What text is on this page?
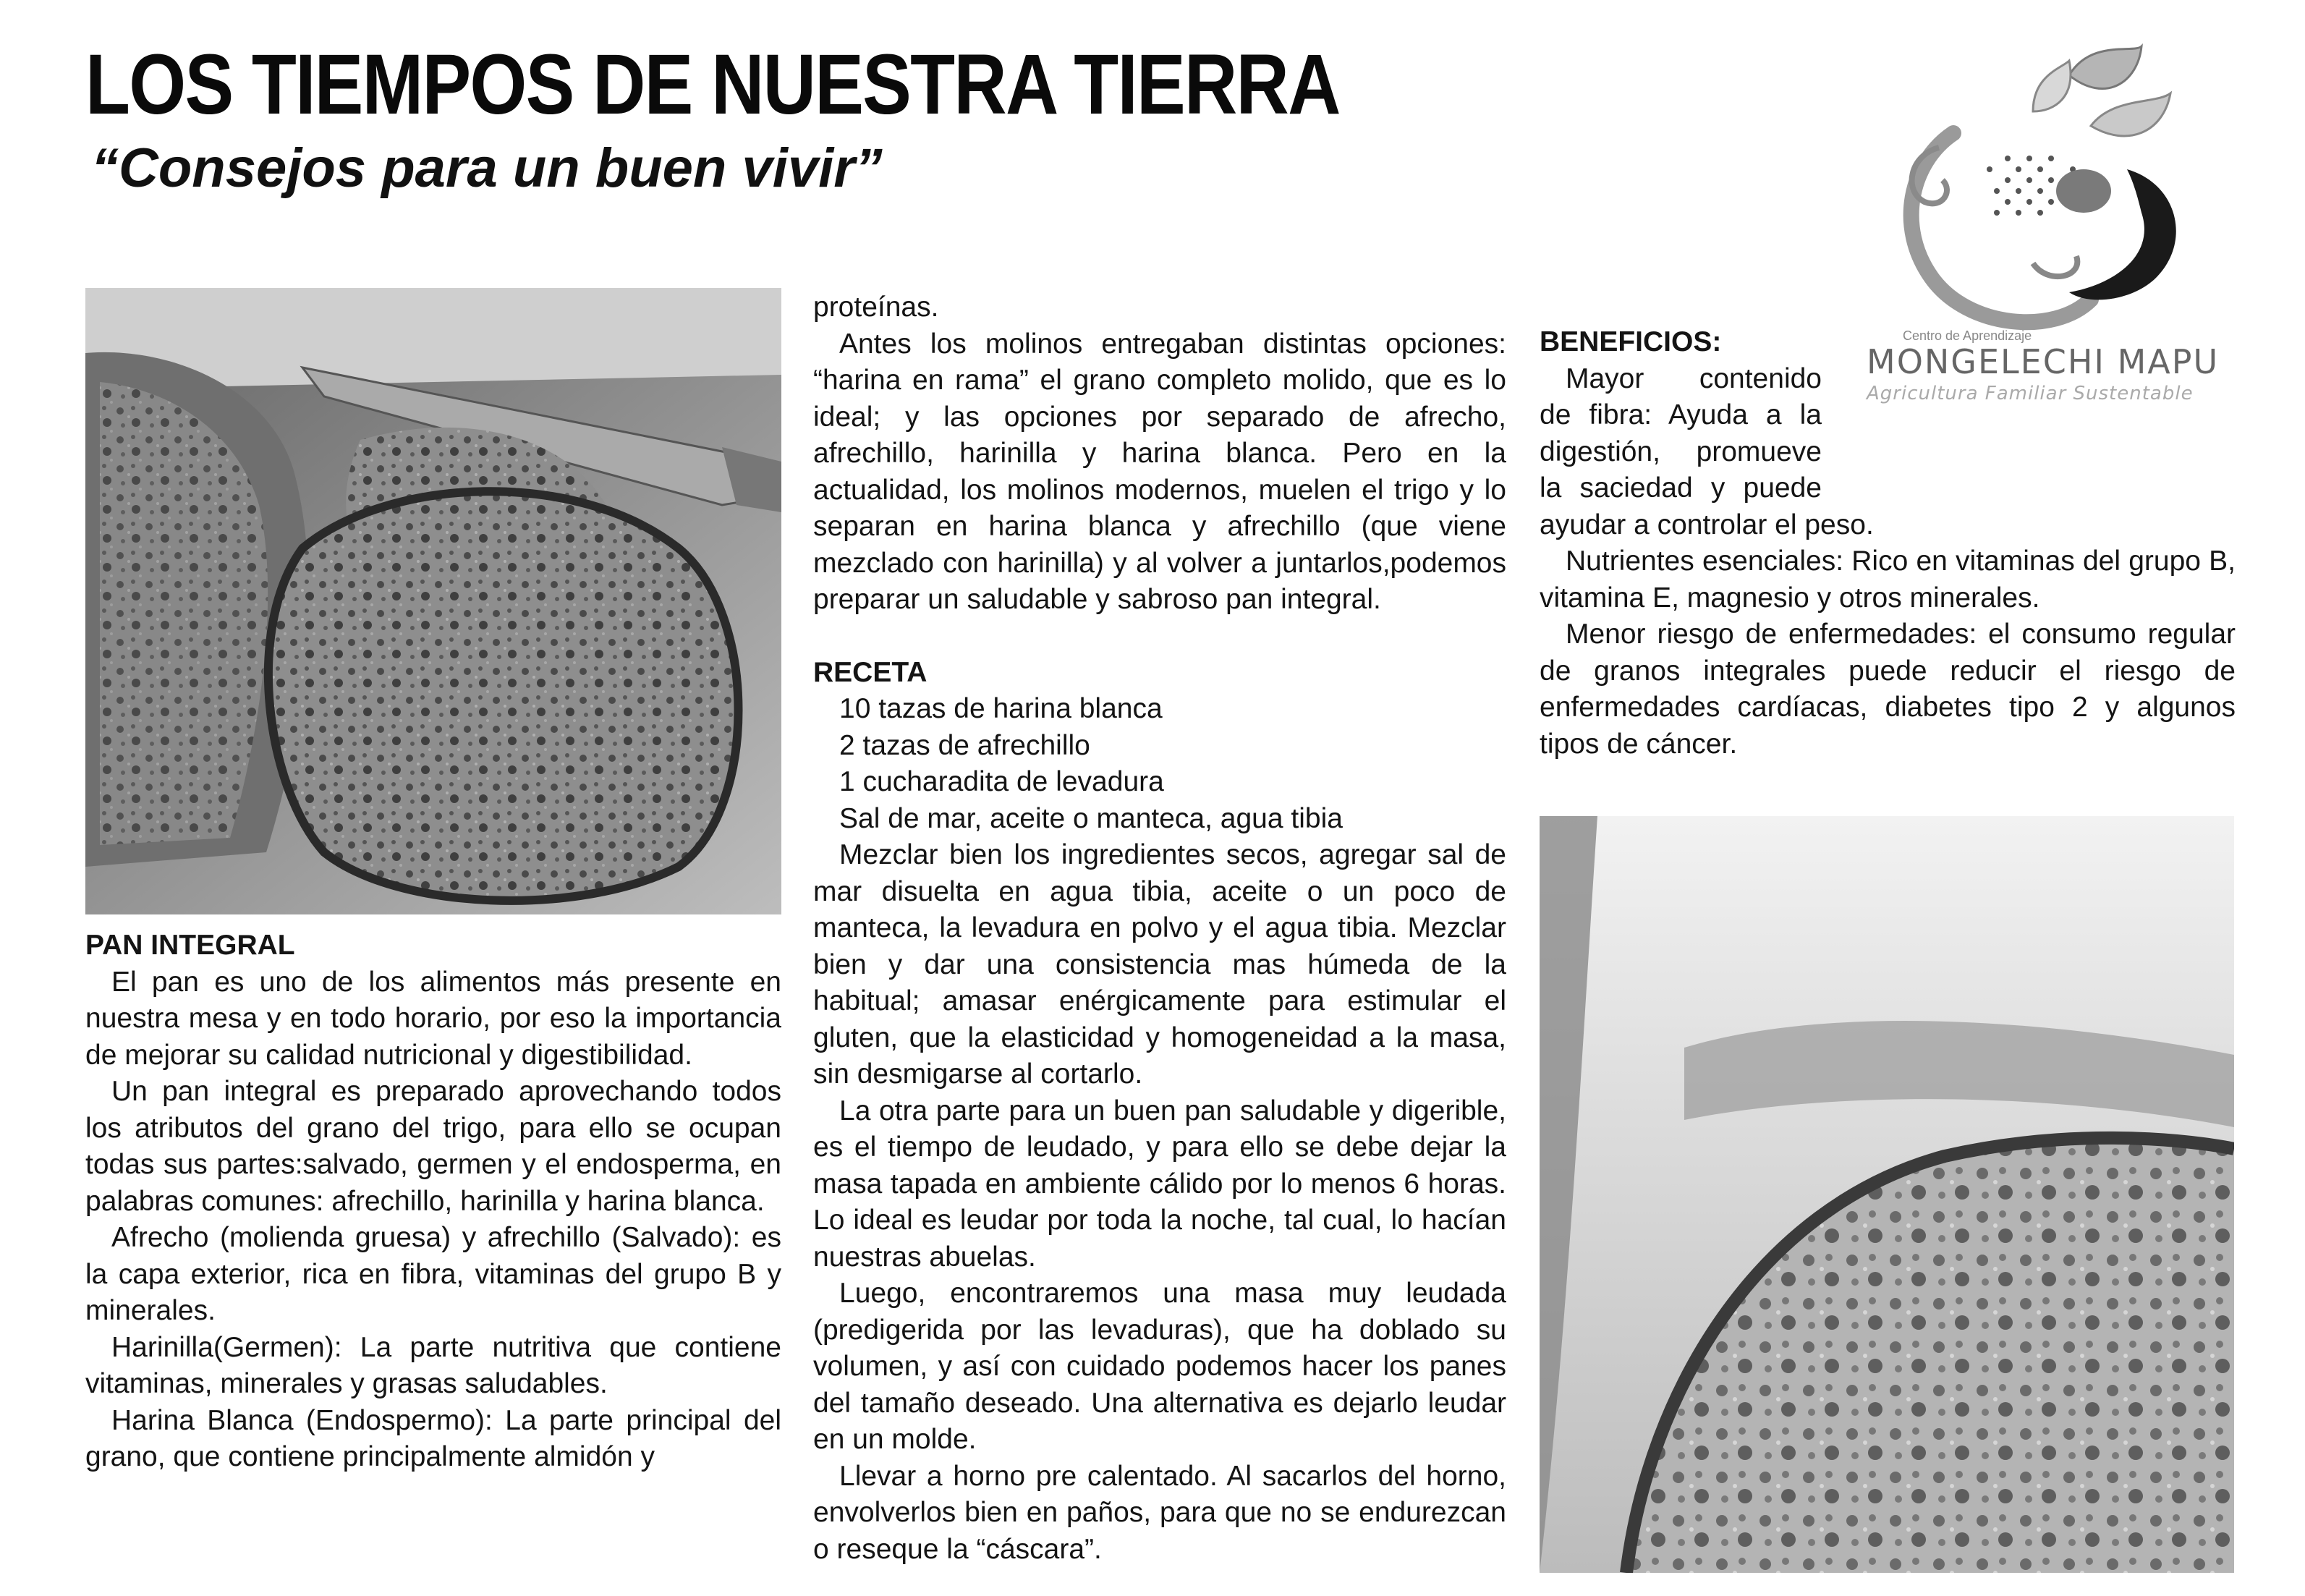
LOS TIEMPOS DE NUESTRA TIERRA
“Consejos para un buen vivir”
Centro de Aprendizaje
MONGELECHI MAPU
Agricultura Familiar Sustentable
PAN INTEGRAL

El pan es uno de los alimentos más presente en nuestra mesa y en todo horario, por eso la importancia de mejorar su calidad nutricional y digestibilidad.

Un pan integral es preparado aprovechando todos los atributos del grano del trigo, para ello se ocupan todas sus partes:salvado, germen y el endosperma, en palabras comunes: afrechillo, harinilla y harina blanca.

Afrecho (molienda gruesa) y afrechillo (Salvado): es la capa exterior, rica en fibra, vitaminas del grupo B y minerales.

Harinilla(Germen): La parte nutritiva que contiene vitaminas, minerales y grasas saludables.

Harina Blanca (Endospermo): La parte principal del grano, que contiene principalmente almidón y

proteínas.

Antes los molinos entregaban distintas opciones: “harina en rama” el grano completo molido, que es lo ideal; y las opciones por separado de afrecho, afrechillo, harinilla y harina blanca. Pero en la actualidad, los molinos modernos, muelen el trigo y lo separan en harina blanca y afrechillo (que viene mezclado con harinilla) y al volver a juntarlos,podemos preparar un saludable y sabroso pan integral.

RECETA

10 tazas de harina blanca

2 tazas de afrechillo

1 cucharadita de levadura

Sal de mar, aceite o manteca, agua tibia

Mezclar bien los ingredientes secos, agregar sal de mar disuelta en agua tibia, aceite o un poco de manteca, la levadura en polvo y el agua tibia. Mezclar bien y dar una consistencia mas húmeda de la habitual; amasar enérgicamente para estimular el gluten, que la elasticidad y homogeneidad a la masa, sin desmigarse al cortarlo.

La otra parte para un buen pan saludable y digerible, es el tiempo de leudado, y para ello se debe dejar la masa tapada en ambiente cálido por lo menos 6 horas. Lo ideal es leudar por toda la noche, tal cual, lo hacían nuestras abuelas.

Luego, encontraremos una masa muy leudada (predigerida por las levaduras), que ha doblado su volumen, y así con cuidado podemos hacer los panes del tamaño deseado. Una alternativa es dejarlo leudar en un molde.

Llevar a horno pre calentado. Al sacarlos del horno, envolverlos bien en paños, para que no se endurezcan o reseque la “cáscara”.

BENEFICIOS:

Mayor contenido

de fibra: Ayuda a la

digestión, promueve

la saciedad y puede

ayudar a controlar el peso.

Nutrientes esenciales: Rico en vitaminas del grupo B, vitamina E, magnesio y otros minerales.

Menor riesgo de enfermedades: el consumo regular de granos integrales puede reducir el riesgo de enfermedades cardíacas, diabetes tipo 2 y algunos tipos de cáncer.
